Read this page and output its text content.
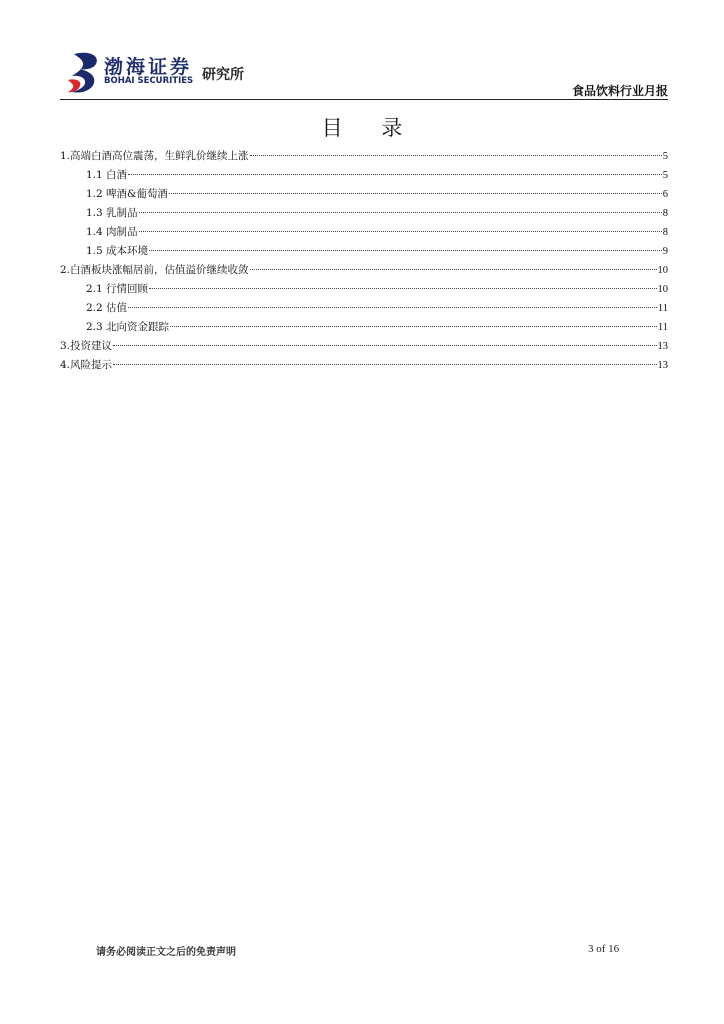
渤海证券
BOHAI SECURITIES 研究所
食品饮料行业月报
目 录
1.高端白酒高位震荡，生鲜乳价继续上涨	5
1.1 白酒	5
1.2 啤酒&葡萄酒	6
1.3 乳制品	8
1.4 肉制品	8
1.5 成本环境	9
2.白酒板块涨幅居前，估值溢价继续收敛	10
2.1 行情回顾	10
2.2 估值	11
2.3 北向资金跟踪	11
3.投资建议	13
4.风险提示	13
请务必阅读正文之后的免责声明	3 of 16
